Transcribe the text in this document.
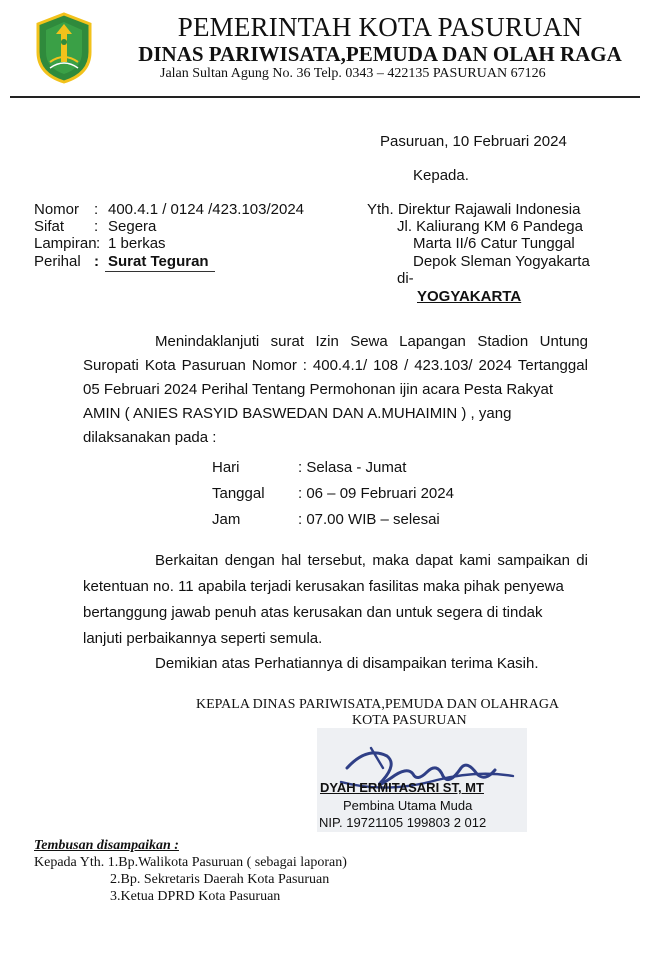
PEMERINTAH KOTA PASURUAN
DINAS PARIWISATA,PEMUDA DAN OLAH RAGA
Jalan Sultan Agung No. 36 Telp. 0343 – 422135 PASURUAN 67126
Pasuruan, 10 Februari 2024
Kepada.
Nomor : 400.4.1 / 0124 /423.103/2024
Sifat : Segera
Lampiran : 1 berkas
Perihal : Surat Teguran
Yth. Direktur Rajawali Indonesia
Jl. Kaliurang KM 6 Pandega
Marta II/6 Catur Tunggal
Depok Sleman Yogyakarta
di-
YOGYAKARTA
Menindaklanjuti surat Izin Sewa Lapangan Stadion Untung
Suropati Kota Pasuruan Nomor : 400.4.1/ 108 / 423.103/ 2024 Tertanggal
05 Februari 2024 Perihal Tentang Permohonan ijin acara Pesta Rakyat
AMIN ( ANIES RASYID BASWEDAN DAN A.MUHAIMIN ) , yang
dilaksanakan pada :
Hari	: Selasa - Jumat
Tanggal : 06 – 09 Februari 2024
Jam	: 07.00 WIB – selesai
Berkaitan dengan hal tersebut, maka dapat kami sampaikan di
ketentuan no. 11 apabila terjadi kerusakan fasilitas maka pihak penyewa
bertanggung jawab penuh atas kerusakan dan untuk segera di tindak
lanjuti perbaikannya seperti semula.
Demikian atas Perhatiannya di disampaikan terima Kasih.
KEPALA DINAS PARIWISATA,PEMUDA DAN OLAHRAGA
KOTA PASURUAN
DYAH ERMITASARI ST, MT
Pembina Utama Muda
NIP. 19721105 199803 2 012
Tembusan disampaikan :
Kepada Yth. 1.Bp.Walikota Pasuruan ( sebagai laporan)
2.Bp. Sekretaris Daerah Kota Pasuruan
3.Ketua DPRD Kota Pasuruan
